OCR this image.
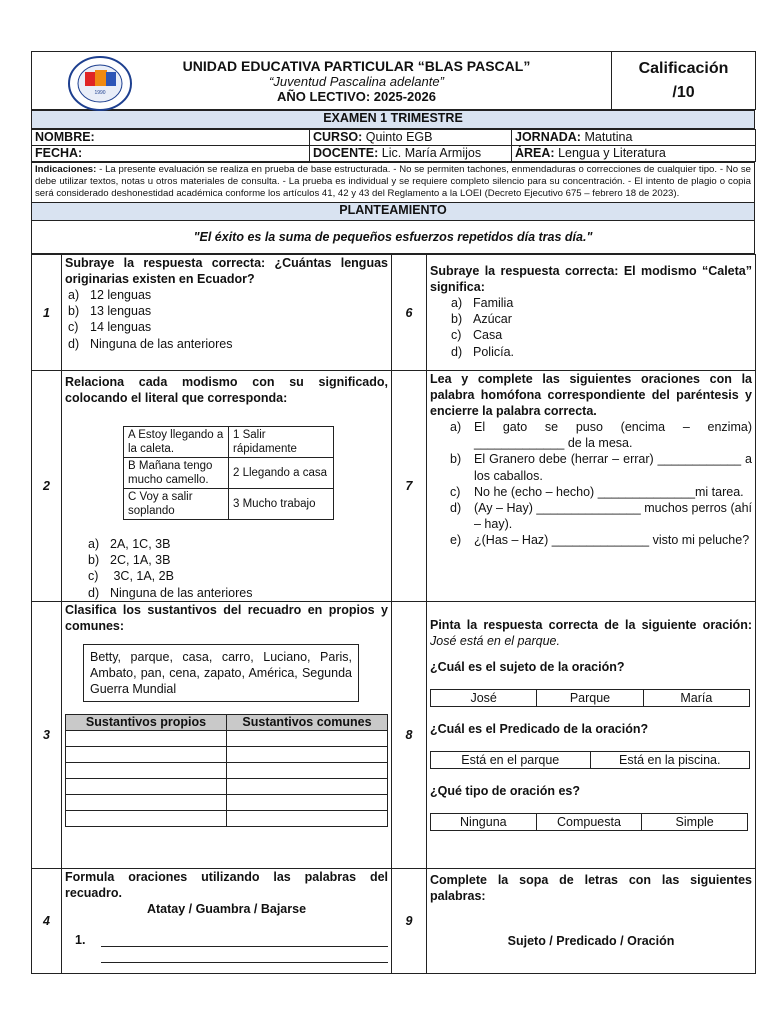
1990
UNIDAD EDUCATIVA PARTICULAR “BLAS PASCAL”
“Juventud Pascalina adelante”
AÑO LECTIVO: 2025-2026

Calificación
/10
EXAMEN 1 TRIMESTRE
NOMBRE:	CURSO: Quinto EGB	JORNADA: Matutina
FECHA:	DOCENTE: Lic. María Armijos	ÁREA: Lengua y Literatura
Indicaciones: - La presente evaluación se realiza en prueba de base estructurada. - No se permiten tachones, enmendaduras o correcciones de cualquier tipo. - No se debe utilizar textos, notas u otros materiales de consulta. - La prueba es individual y se requiere completo silencio para su concentración. - El intento de plagio o copia será considerado deshonestidad académica conforme los artículos 41, 42 y 43 del Reglamento a la LOEI (Decreto Ejecutivo 675 – febrero 18 de 2023).
PLANTEAMIENTO
"El éxito es la suma de pequeños esfuerzos repetidos día tras día."
1	
Subraye la respuesta correcta: ¿Cuántas lenguas originarias existen en Ecuador?
a) 12 lenguas
b) 13 lenguas
c) 14 lenguas
d) Ninguna de las anteriores
	6	
Subraye la respuesta correcta: El modismo “Caleta” significa:
a) Familia
b) Azúcar
c) Casa
d) Policía.

2	
Relaciona cada modismo con su significado, colocando el literal que corresponda:
A Estoy llegando a la caleta.	1 Salir rápidamente
B Mañana tengo mucho camello.	2 Llegando a casa
C Voy a salir soplando	3 Mucho trabajo
a) 2A, 1C, 3B
b) 2C, 1A, 3B
c) 3C, 1A, 2B
d) Ninguna de las anteriores
	7	
Lea y complete las siguientes oraciones con la palabra homófona correspondiente del paréntesis y encierre la palabra correcta.
a)	El gato se puso (encima – enzima) _____________ de la mesa.
b)	El Granero debe (herrar – errar) ____________ a los caballos.
c)	No he (echo – hecho) ______________mi tarea.
d)	(Ay – Hay) _______________ muchos perros (ahí – hay).
e)	¿(Has – Haz) ______________ visto mi peluche?

3	
Clasifica los sustantivos del recuadro en propios y comunes:
Betty, parque, casa, carro, Luciano, Paris, Ambato, pan, cena, zapato, América, Segunda Guerra Mundial
Sustantivos propios	Sustantivos comunes

	8	
Pinta la respuesta correcta de la siguiente oración: José está en el parque.
¿Cuál es el sujeto de la oración?
José	Parque	María
¿Cuál es el Predicado de la oración?
Está en el parque	Está en la piscina.
¿Qué tipo de oración es?
Ninguna	Compuesta	Simple

4	
Formula oraciones utilizando las palabras del recuadro.
Atatay / Guambra / Bajarse
1.
	9	
Complete la sopa de letras con las siguientes palabras:
Sujeto / Predicado / Oración
